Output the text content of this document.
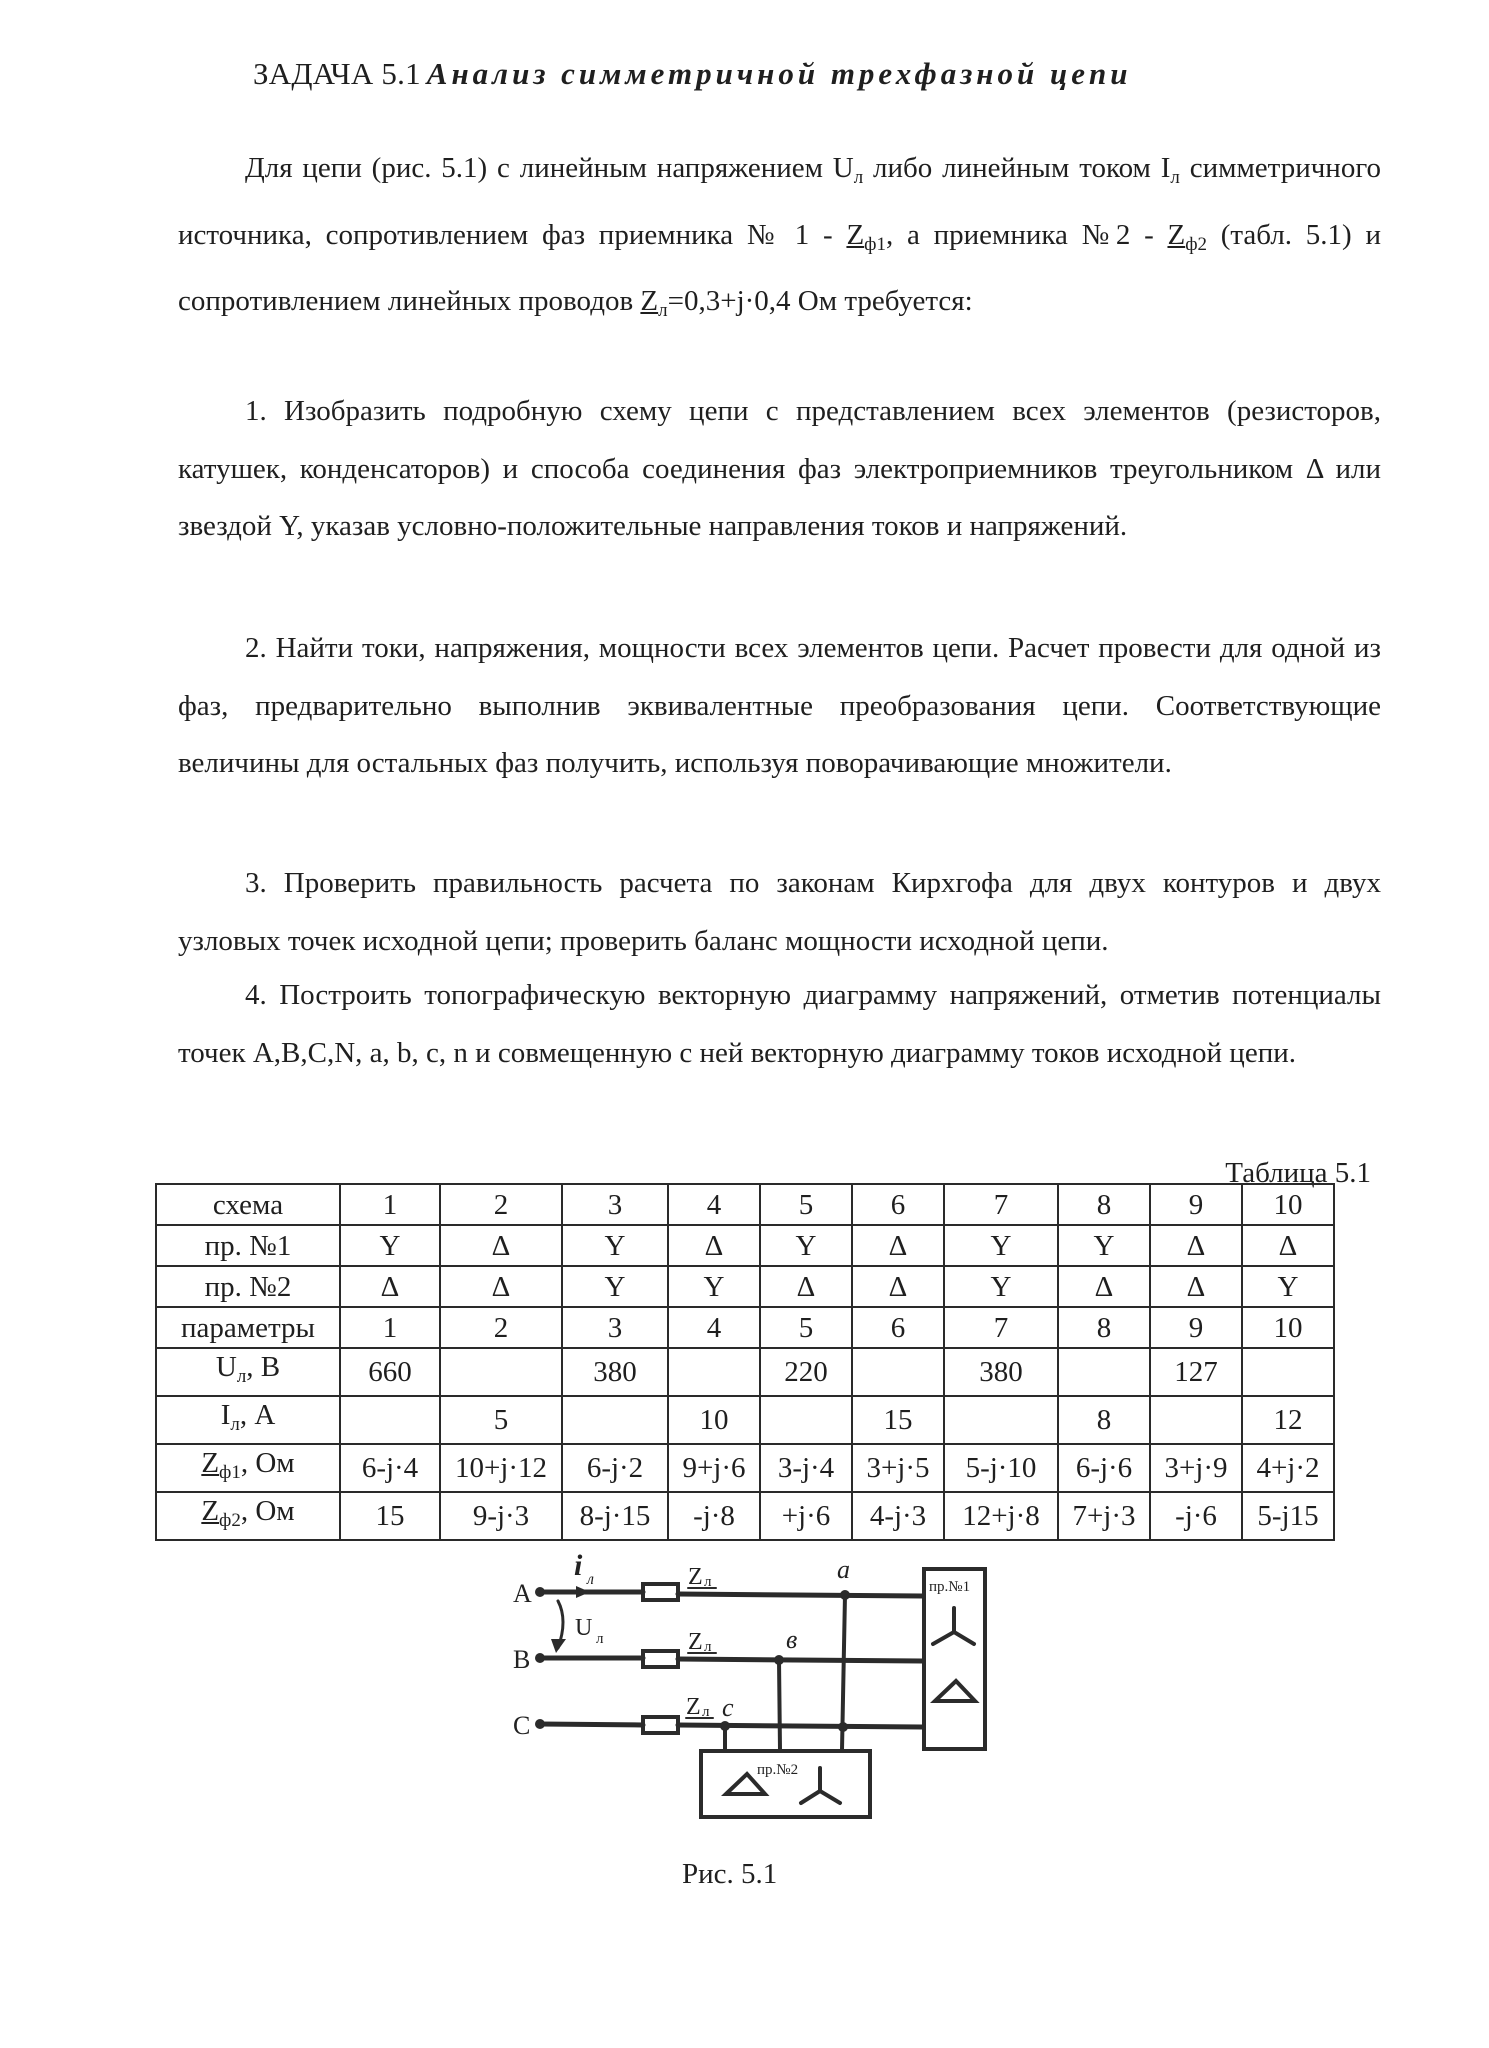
ЗАДАЧА 5.1 Анализ симметричной трехфазной цепи
Для цепи (рис. 5.1) с линейным напряжением $U_л$ либо линейным током $I_л$ симметричного источника, сопротивлением фаз приемника № $1 - Z_{ф1}$, а приемника №2 - $Z_{ф2}$ (табл. 5.1) и сопротивлением линейных проводов $Z_л=0,3+j\cdot 0,4$ Ом требуется:
1. Изобразить подробную схему цепи с представлением всех элементов (резисторов, катушек, конденсаторов) и способа соединения фаз электроприемников треугольником Δ или звездой Y, указав условно-положительные направления токов и напряжений.
2. Найти токи, напряжения, мощности всех элементов цепи. Расчет провести для одной из фаз, предварительно выполнив эквивалентные преобразования цепи. Соответствующие величины для остальных фаз получить, используя поворачивающие множители.
3. Проверить правильность расчета по законам Кирхгофа для двух контуров и двух узловых точек исходной цепи; проверить баланс мощности исходной цепи.
4. Построить топографическую векторную диаграмму напряжений, отметив потенциалы точек A,B,C,N, a, b, c, n и совмещенную с ней векторную диаграмму токов исходной цепи.
Таблица 5.1
схема	1	2	3	4	5	6	7	8	9	10
пр. №1	Y	Δ	Y	Δ	Y	Δ	Y	Y	Δ	Δ
пр. №2	Δ	Δ	Y	Y	Δ	Δ	Y	Δ	Δ	Y
параметры	1	2	3	4	5	6	7	8	9	10
$U_л$, В	660		380		220		380		127	
$I_л$, А		5		10		15		8		12
$Z_{ф1}$, Ом	6-j·4	10+j·12	6-j·2	9+j·6	3-j·4	3+j·5	5-j·10	6-j·6	3+j·9	4+j·2
$Z_{ф2}$, Ом	15	9-j·3	8-j·15	-j·8	+j·6	4-j·3	12+j·8	7+j·3	-j·6	5-j15
A
B
C
i л
U л
Z л
Z л
Z л
a
в
c
пр.№1
пр.№2
Рис. 5.1
